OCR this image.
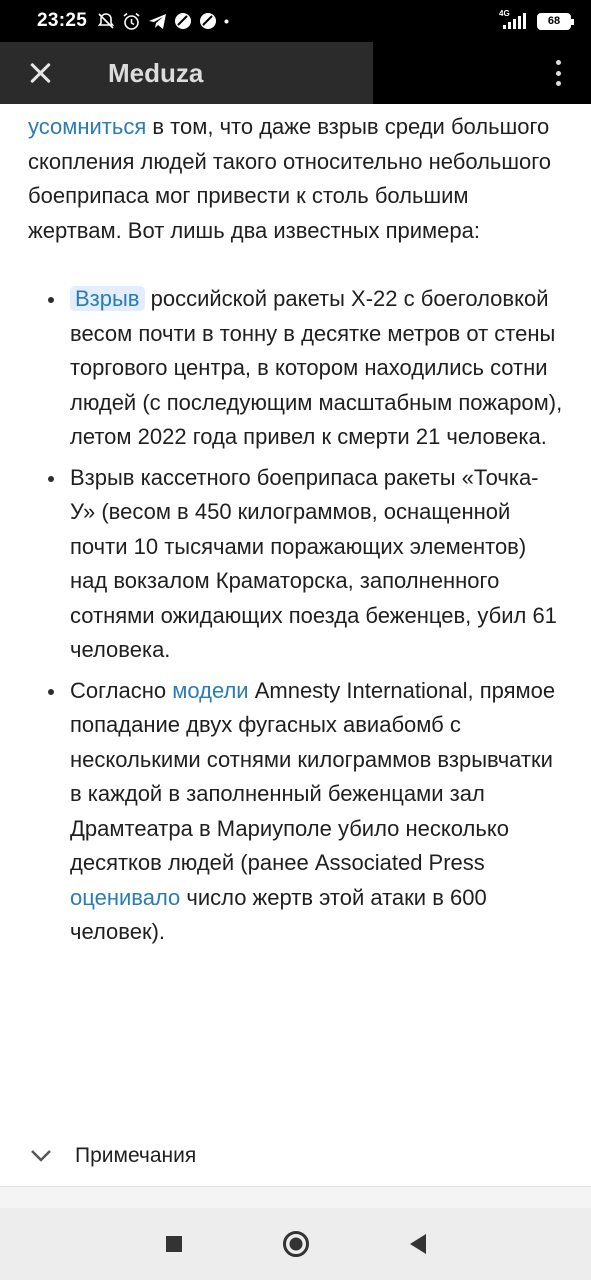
23:25	4G
68
Meduza

усомниться в том, что даже взрыв среди большого скопления людей такого относительно небольшого боеприпаса мог привести к столь большим жертвам. Вот лишь два известных примера:

Взрыв российской ракеты Х-22 с боеголовкой весом почти в тонну в десятке метров от стены торгового центра, в котором находились сотни людей (с последующим масштабным пожаром), летом 2022 года привел к смерти 21 человека.
Взрыв кассетного боеприпаса ракеты «Точка-У» (весом в 450 килограммов, оснащенной почти 10 тысячами поражающих элементов) над вокзалом Краматорска, заполненного сотнями ожидающих поезда беженцев, убил 61 человека.
Согласно модели Amnesty International, прямое попадание двух фугасных авиабомб с несколькими сотнями килограммов взрывчатки в каждой в заполненный беженцами зал Драмтеатра в Мариуполе убило несколько десятков людей (ранее Associated Press оценивало число жертв этой атаки в 600 человек).
Примечания
